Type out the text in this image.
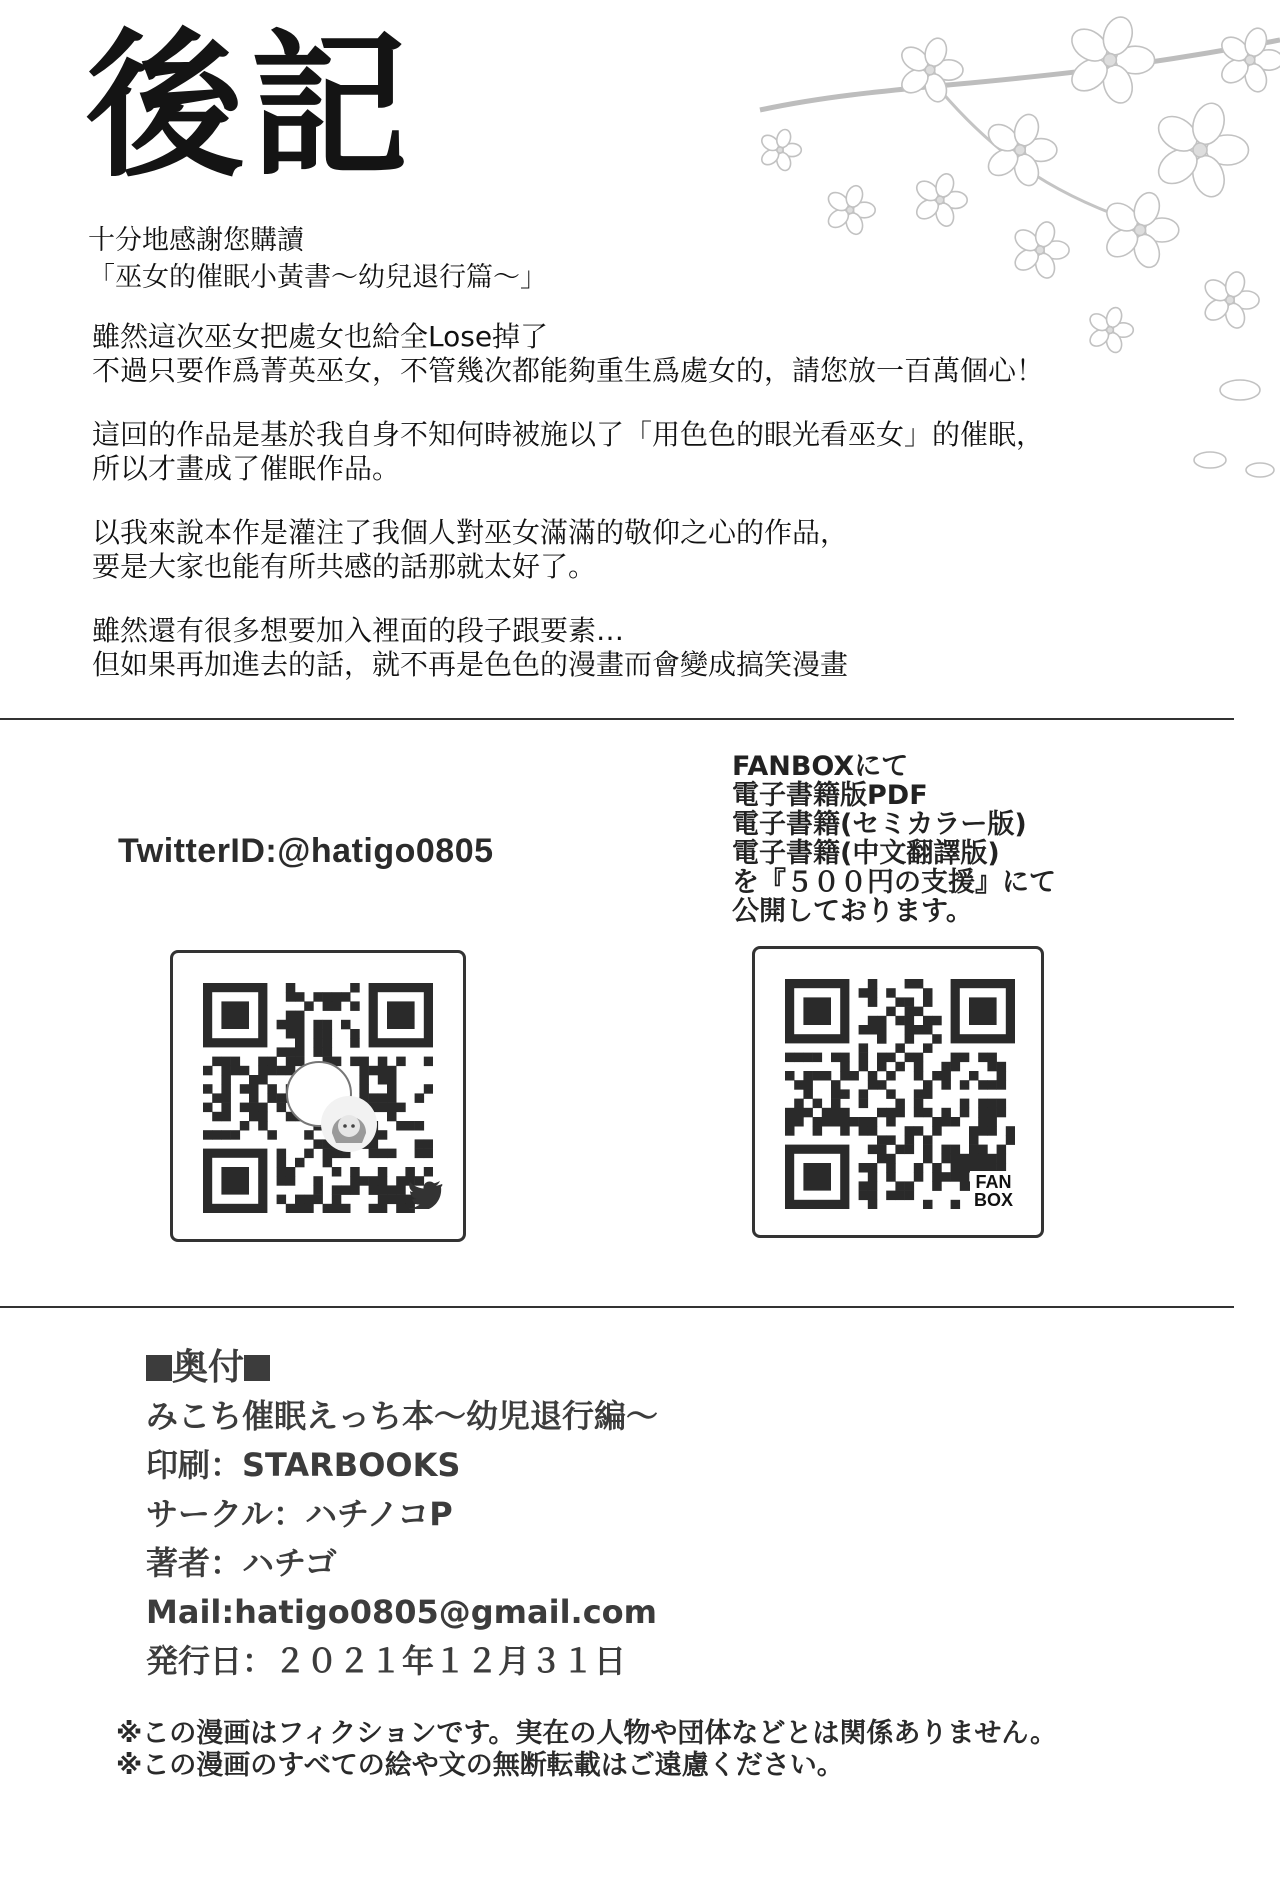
後記
十分地感謝您購讀
「巫女的催眠小黃書～幼兒退行篇～」
雖然這次巫女把處女也給全Lose掉了
不過只要作爲菁英巫女，不管幾次都能夠重生爲處女的，請您放一百萬個心！
這回的作品是基於我自身不知何時被施以了「用色色的眼光看巫女」的催眠，
所以才畫成了催眠作品。
以我來說本作是灌注了我個人對巫女滿滿的敬仰之心的作品，
要是大家也能有所共感的話那就太好了。
雖然還有很多想要加入裡面的段子跟要素…
但如果再加進去的話，就不再是色色的漫畫而會變成搞笑漫畫
TwitterID:@hatigo0805
FANBOXにて
電子書籍版PDF
電子書籍(セミカラー版)
電子書籍(中文翻譯版)
を『５００円の支援』にて
公開しております。
FAN
BOX
奥付
みこち催眠えっち本～幼児退行編～
印刷：STARBOOKS
サークル：ハチノコP
著者：ハチゴ
Mail:hatigo0805@gmail.com
発行日：２０２１年１２月３１日
※この漫画はフィクションです。実在の人物や団体などとは関係ありません。
※この漫画のすべての絵や文の無断転載はご遠慮ください。
